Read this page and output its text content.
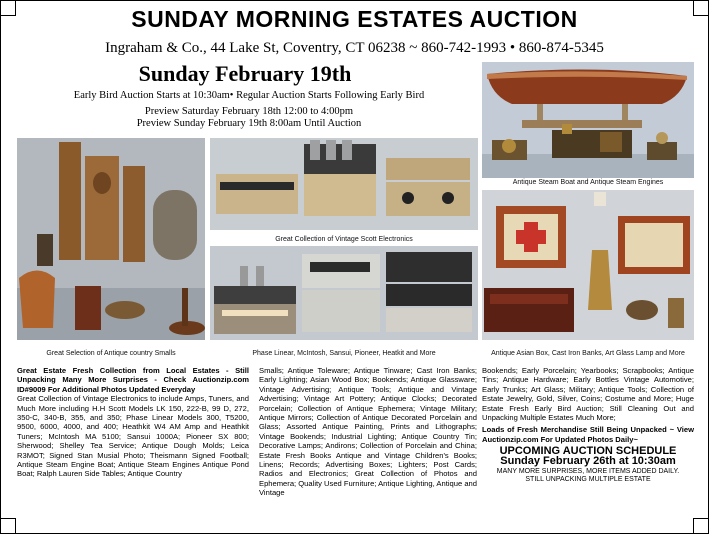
SUNDAY MORNING ESTATES AUCTION
Ingraham & Co., 44 Lake St, Coventry, CT 06238 ~ 860-742-1993 • 860-874-5345
Sunday February 19th
Early Bird Auction Starts at 10:30am• Regular Auction Starts Following Early Bird
Preview Saturday February 18th 12:00 to 4:00pm
Preview Sunday February 19th 8:00am Until Auction
Antique Steam Boat and Antique Steam Engines
Great Selection of Antique country Smalls
Great Collection of Vintage Scott Electronics
Phase Linear, McIntosh, Sansui, Pioneer, Heatkit and More	Antique Asian Box, Cast Iron Banks, Art Glass Lamp and More
Great Estate Fresh Collection from Local Estates - Still Unpacking Many More Surprises - Check Auctionzip.com ID#9009 For Additional Photos Updated Everyday
Great Collection of Vintage Electronics to include Amps, Tuners, and Much More including H.H Scott Models LK 150, 222-B, 99 D, 272, 350-C, 340-B, 355, and 350; Phase Linear Models 300, T5200, 9500, 6000, 4000, and 400; Heathkit W4 AM Amp and Heathkit Tuners; McIntosh MA 5100; Sansui 1000A; Pioneer SX 800; Sherwood; Shelley Tea Service; Antique Dough Molds; Leica R3MOT; Signed Stan Musial Photo; Theismann Signed Football; Antique Steam Engine Boat; Antique Steam Engines Antique Pond Boat; Ralph Lauren Side Tables; Antique Country
Smalls; Antique Toleware; Antique Tinware; Cast Iron Banks; Early Lighting; Asian Wood Box; Bookends; Antique Glassware; Vintage Advertising; Antique Tools; Antique and Vintage Advertising; Vintage Art Pottery; Antique Clocks; Decorated Porcelain; Collection of Antique Ephemera; Vintage Military; Antique Mirrors; Collection of Antique Decorated Porcelain and Glass; Assorted Antique Painting, Prints and Lithographs; Vintage Bookends; Industrial Lighting; Antique Country Tin; Decorative Lamps; Andirons; Collection of Porcelain and China; Estate Fresh Books Antique and Vintage Children's Books; Linens; Records; Advertising Boxes; Lighters; Post Cards; Radios and Electronics; Great Collection of Photos and Ephemera; Quality Used Furniture; Antique Lighting, Antique and Vintage
Bookends; Early Porcelain; Yearbooks; Scrapbooks; Antique Tins; Antique Hardware; Early Bottles Vintage Automotive; Early Trunks; Art Glass; Military; Antique Tools; Collection of Estate Jewelry, Gold, Silver, Coins; Costume and More; Huge Estate Fresh Early Bird Auction; Still Cleaning Out and Unpacking Multiple Estates Much More;
Loads of Fresh Merchandise Still Being Unpacked ~ View Auctionzip.com For Updated Photos Daily~
UPCOMING AUCTION SCHEDULE
Sunday February 26th at 10:30am
MANY MORE SURPRISES, MORE ITEMS ADDED DAILY.
STILL UNPACKING MULTIPLE ESTATE
